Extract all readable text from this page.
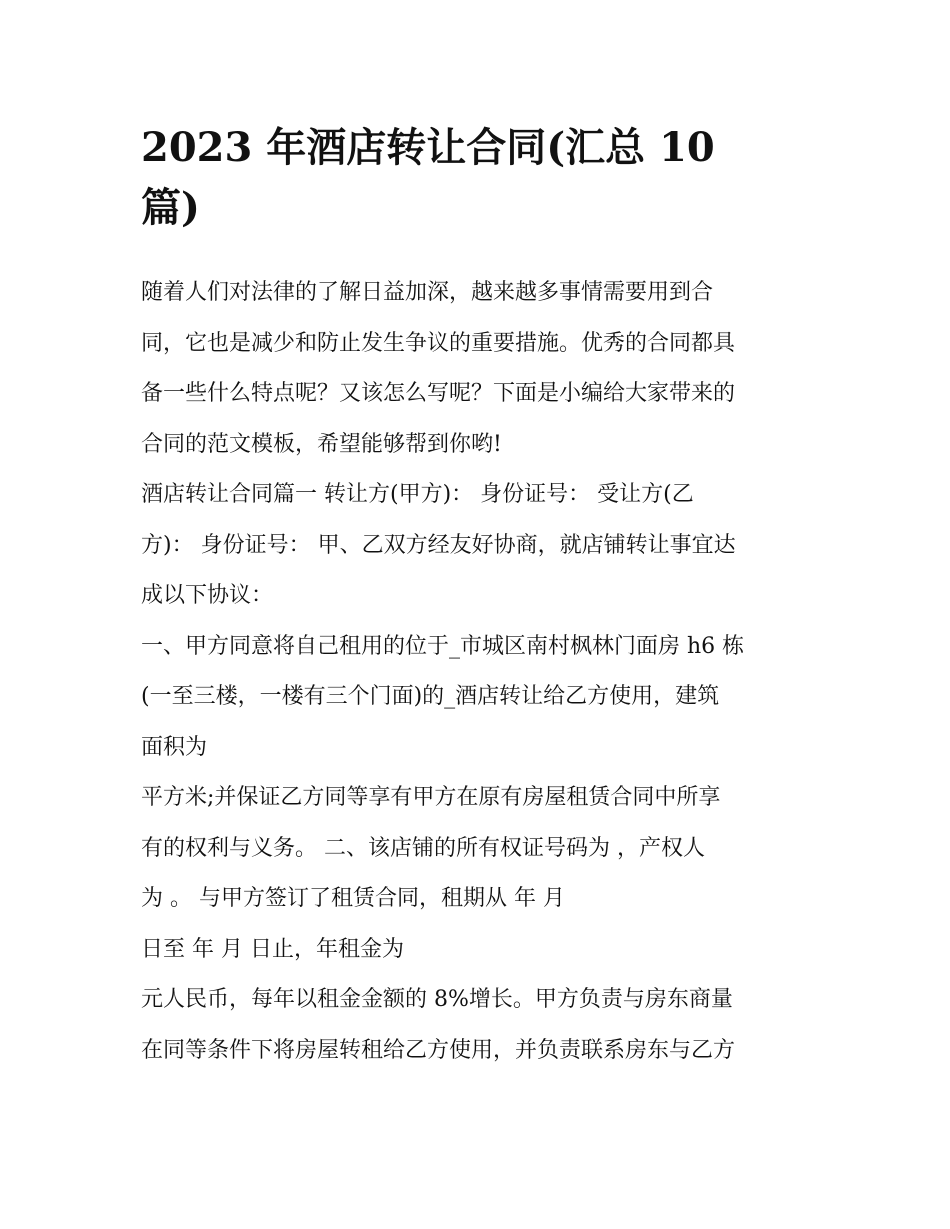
2023 年酒店转让合同(汇总 10
篇)
随着人们对法律的了解日益加深，越来越多事情需要用到合
同，它也是减少和防止发生争议的重要措施。优秀的合同都具
备一些什么特点呢？又该怎么写呢？下面是小编给大家带来的
合同的范文模板，希望能够帮到你哟!
酒店转让合同篇一 转让方(甲方)： 身份证号： 受让方(乙
方)： 身份证号： 甲、乙双方经友好协商，就店铺转让事宜达
成以下协议：
一、甲方同意将自己租用的位于_市城区南村枫林门面房 h6 栋
(一至三楼，一楼有三个门面)的_酒店转让给乙方使用，建筑
面积为
平方米;并保证乙方同等享有甲方在原有房屋租赁合同中所享
有的权利与义务。 二、该店铺的所有权证号码为 ，产权人
为 。 与甲方签订了租赁合同，租期从 年 月
日至 年 月 日止，年租金为
元人民币，每年以租金金额的 8%增长。甲方负责与房东商量
在同等条件下将房屋转租给乙方使用，并负责联系房东与乙方
